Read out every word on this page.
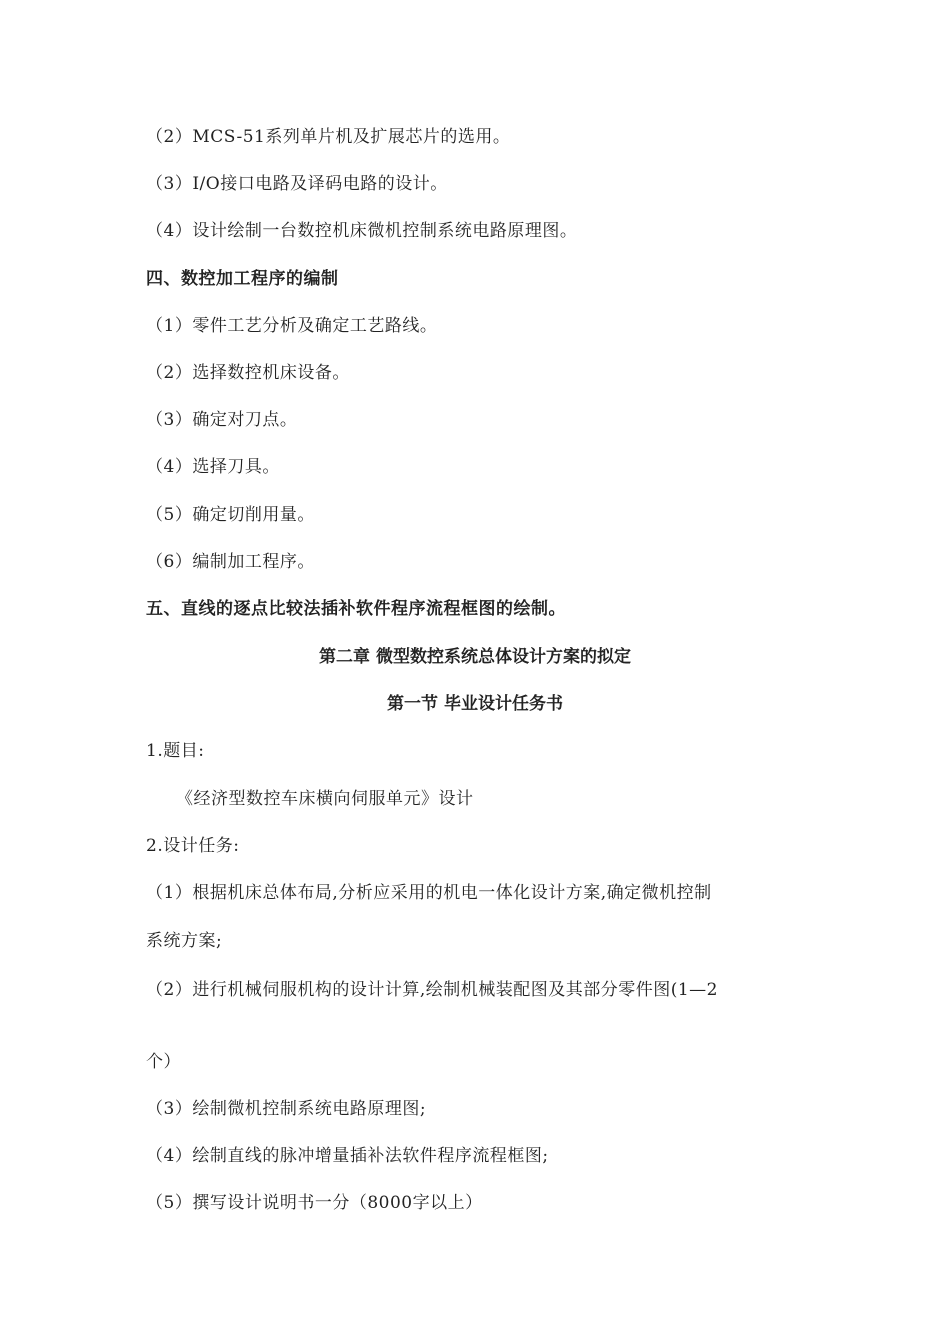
（2）MCS-51系列单片机及扩展芯片的选用。
（3）I/O接口电路及译码电路的设计。
（4）设计绘制一台数控机床微机控制系统电路原理图。
四、数控加工程序的编制
（1）零件工艺分析及确定工艺路线。
（2）选择数控机床设备。
（3）确定对刀点。
（4）选择刀具。
（5）确定切削用量。
（6）编制加工程序。
五、直线的逐点比较法插补软件程序流程框图的绘制。
第二章 微型数控系统总体设计方案的拟定
第一节 毕业设计任务书
1.题目:
《经济型数控车床横向伺服单元》设计
2.设计任务:
（1）根据机床总体布局,分析应采用的机电一体化设计方案,确定微机控制
系统方案;
（2）进行机械伺服机构的设计计算,绘制机械装配图及其部分零件图(1—2
个）
（3）绘制微机控制系统电路原理图;
（4）绘制直线的脉冲增量插补法软件程序流程框图;
（5）撰写设计说明书一分（8000字以上）
